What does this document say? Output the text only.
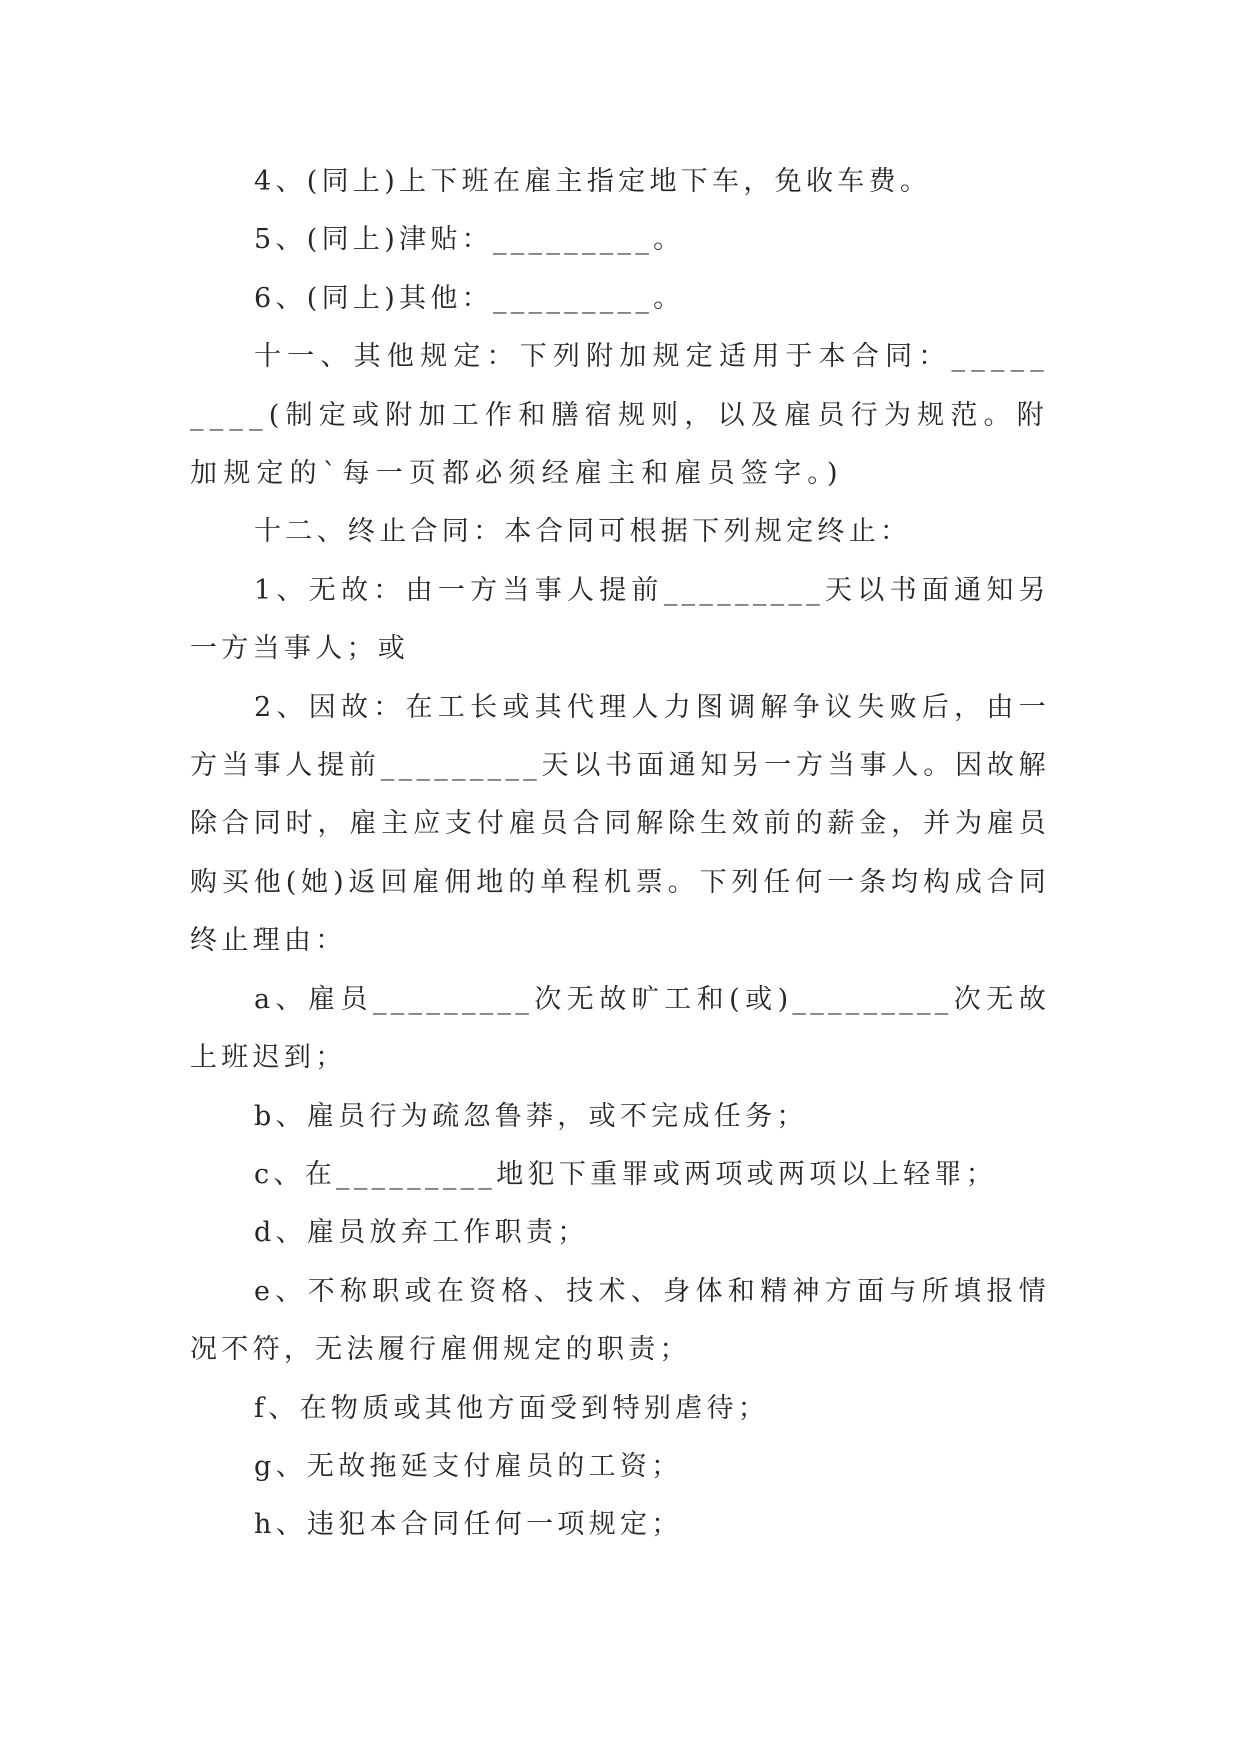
4、(同上)上下班在雇主指定地下车，免收车费。

5、(同上)津贴：_________。

6、(同上)其他：_________。

十一、其他规定：下列附加规定适用于本合同：_________(制定或附加工作和膳宿规则，以及雇员行为规范。附加规定的`每一页都必须经雇主和雇员签字。)

十二、终止合同：本合同可根据下列规定终止：

1、无故：由一方当事人提前_________天以书面通知另一方当事人；或

2、因故：在工长或其代理人力图调解争议失败后，由一方当事人提前_________天以书面通知另一方当事人。因故解除合同时，雇主应支付雇员合同解除生效前的薪金，并为雇员购买他(她)返回雇佣地的单程机票。下列任何一条均构成合同终止理由：

a、雇员_________次无故旷工和(或)_________次无故上班迟到；

b、雇员行为疏忽鲁莽，或不完成任务；

c、在_________地犯下重罪或两项或两项以上轻罪；

d、雇员放弃工作职责；

e、不称职或在资格、技术、身体和精神方面与所填报情况不符，无法履行雇佣规定的职责；

f、在物质或其他方面受到特别虐待；

g、无故拖延支付雇员的工资；

h、违犯本合同任何一项规定；
